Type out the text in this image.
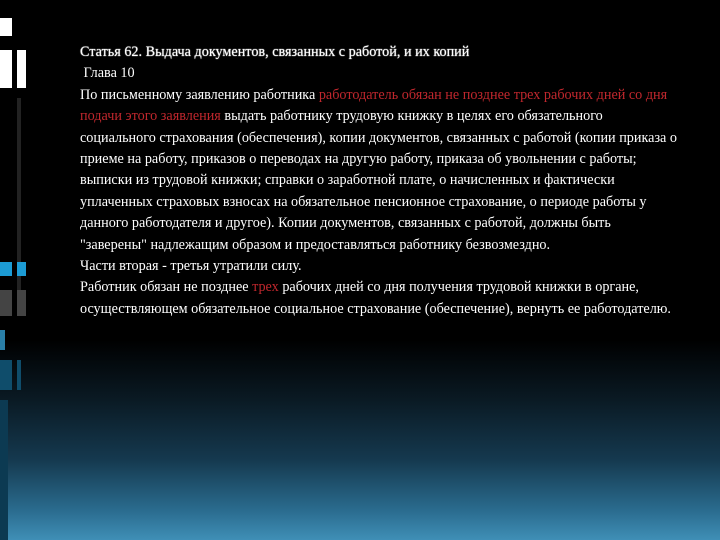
Статья 62. Выдача документов, связанных с работой, и их копий

Глава 10

По письменному заявлению работника работодатель обязан не позднее трех рабочих дней со дня подачи этого заявления выдать работнику трудовую книжку в целях его обязательного социального страхования (обеспечения), копии документов, связанных с работой (копии приказа о приеме на работу, приказов о переводах на другую работу, приказа об увольнении с работы; выписки из трудовой книжки; справки о заработной плате, о начисленных и фактически уплаченных страховых взносах на обязательное пенсионное страхование, о периоде работы у данного работодателя и другое). Копии документов, связанных с работой, должны быть "заверены" надлежащим образом и предоставляться работнику безвозмездно.

Части вторая - третья утратили силу.

Работник обязан не позднее трех рабочих дней со дня получения трудовой книжки в органе, осуществляющем обязательное социальное страхование (обеспечение), вернуть ее работодателю.
